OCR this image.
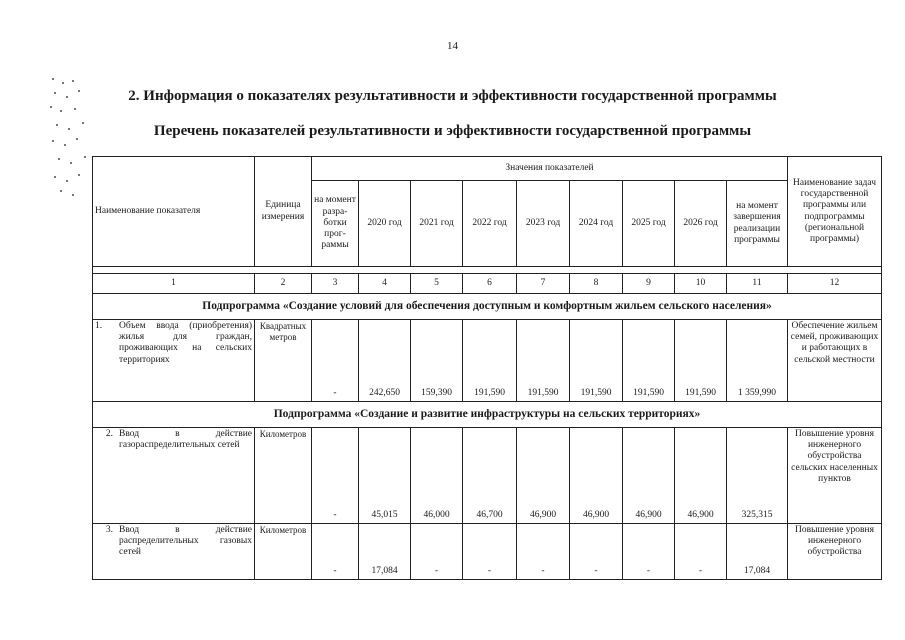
14
2. Информация о показателях результативности и эффективности государственной программы
Перечень показателей результативности и эффективности государственной программы
Наименование показателя	Единица измерения	Значения показателей									Наименование задач государственной программы или подпрограммы (региональной программы)
		на момент разра-ботки прог-раммы	2020 год	2021 год	2022 год	2023 год	2024 год	2025 год	2026 год	на момент завершения реализации программы	

1	2	3	4	5	6	7	8	9	10	11	12
Подпрограмма «Создание условий для обеспечения доступным и комфортным жильем сельского населения»											

1. Объем ввода (приобретения) жилья для граждан, проживающих на сельских территориях	Квадратных метров	-	242,650	159,390	191,590	191,590	191,590	191,590	191,590	1 359,990	Обеспечение жильем семей, проживающих и работающих в сельской местности
Подпрограмма «Создание и развитие инфраструктуры на сельских территориях»											

2. Ввод в действие газораспределительных сетей	Километров	-	45,015	46,000	46,700	46,900	46,900	46,900	46,900	325,315	Повышение уровня инженерного обустройства сельских населенных пунктов

3. Ввод в действие распределительных газовых сетей	Километров	-	17,084	-	-	-	-	-	-	17,084	Повышение уровня инженерного обустройства
